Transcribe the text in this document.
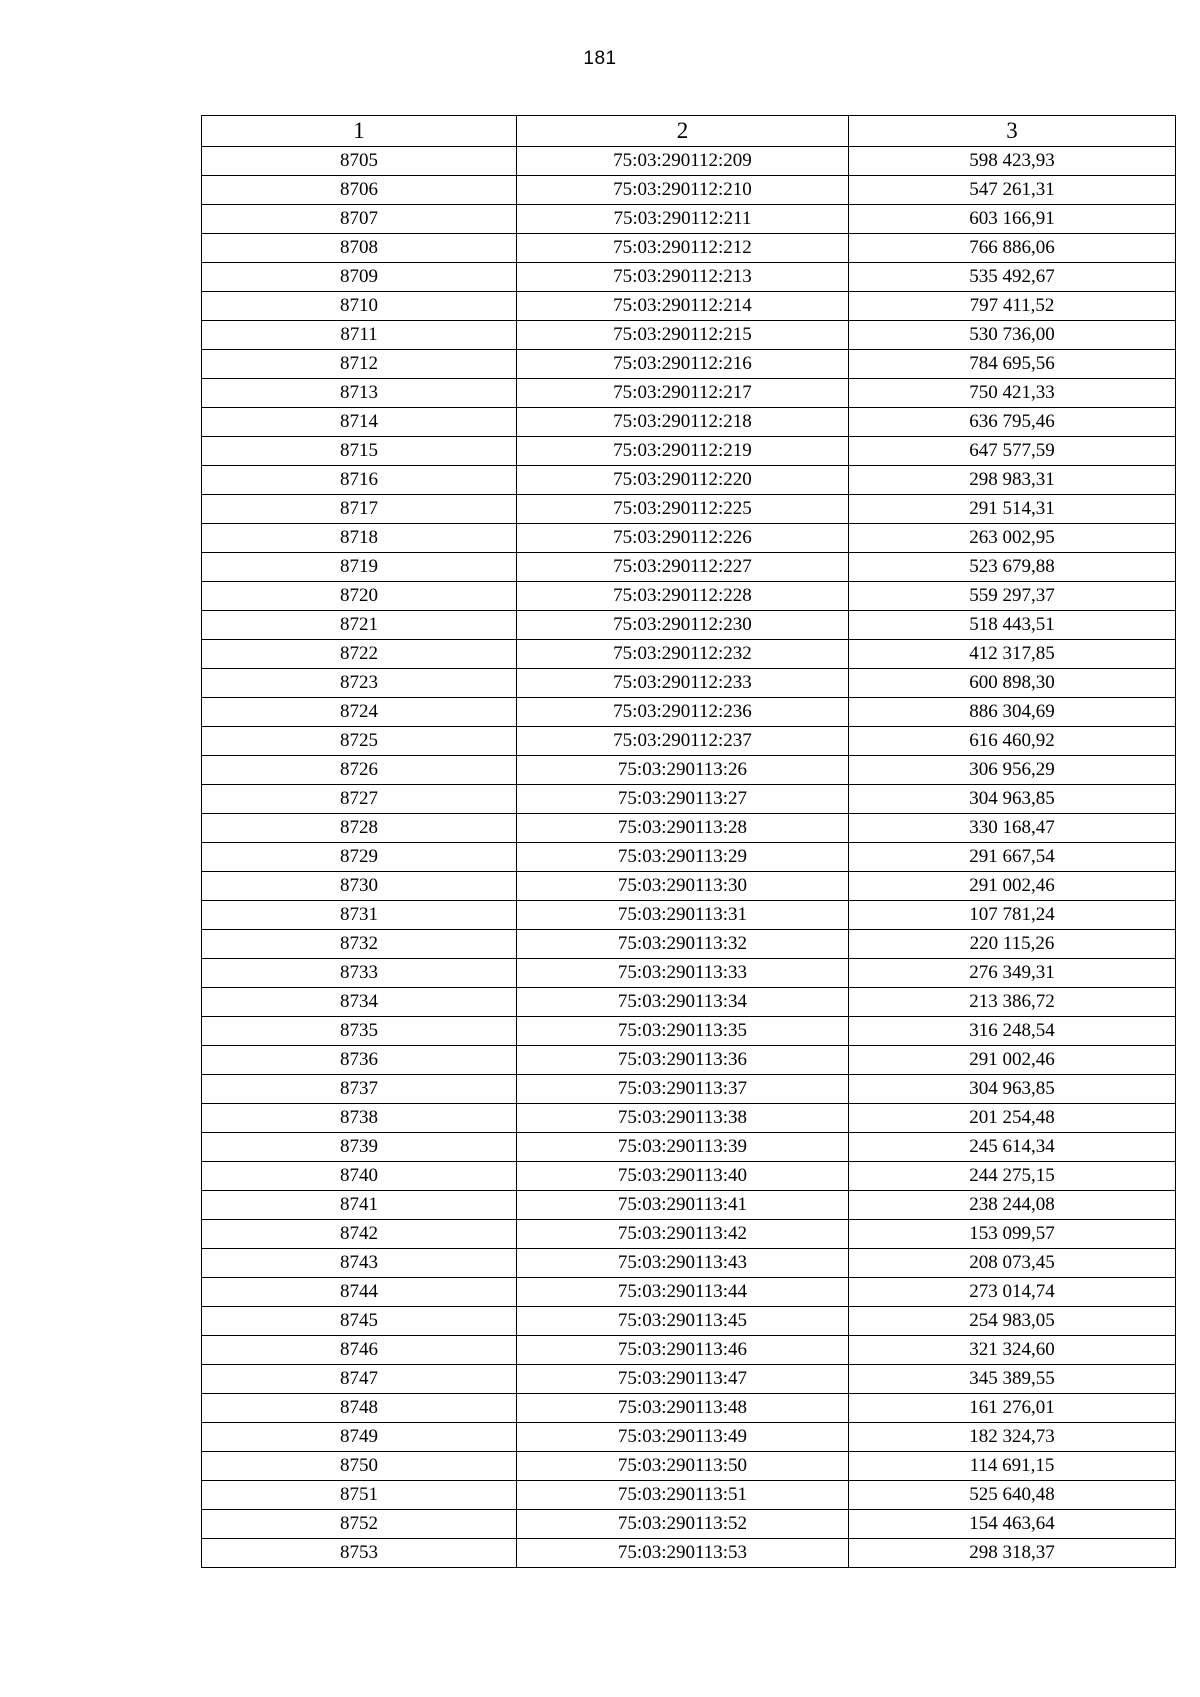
181
1	2	3
8705	75:03:290112:209	598 423,93
8706	75:03:290112:210	547 261,31
8707	75:03:290112:211	603 166,91
8708	75:03:290112:212	766 886,06
8709	75:03:290112:213	535 492,67
8710	75:03:290112:214	797 411,52
8711	75:03:290112:215	530 736,00
8712	75:03:290112:216	784 695,56
8713	75:03:290112:217	750 421,33
8714	75:03:290112:218	636 795,46
8715	75:03:290112:219	647 577,59
8716	75:03:290112:220	298 983,31
8717	75:03:290112:225	291 514,31
8718	75:03:290112:226	263 002,95
8719	75:03:290112:227	523 679,88
8720	75:03:290112:228	559 297,37
8721	75:03:290112:230	518 443,51
8722	75:03:290112:232	412 317,85
8723	75:03:290112:233	600 898,30
8724	75:03:290112:236	886 304,69
8725	75:03:290112:237	616 460,92
8726	75:03:290113:26	306 956,29
8727	75:03:290113:27	304 963,85
8728	75:03:290113:28	330 168,47
8729	75:03:290113:29	291 667,54
8730	75:03:290113:30	291 002,46
8731	75:03:290113:31	107 781,24
8732	75:03:290113:32	220 115,26
8733	75:03:290113:33	276 349,31
8734	75:03:290113:34	213 386,72
8735	75:03:290113:35	316 248,54
8736	75:03:290113:36	291 002,46
8737	75:03:290113:37	304 963,85
8738	75:03:290113:38	201 254,48
8739	75:03:290113:39	245 614,34
8740	75:03:290113:40	244 275,15
8741	75:03:290113:41	238 244,08
8742	75:03:290113:42	153 099,57
8743	75:03:290113:43	208 073,45
8744	75:03:290113:44	273 014,74
8745	75:03:290113:45	254 983,05
8746	75:03:290113:46	321 324,60
8747	75:03:290113:47	345 389,55
8748	75:03:290113:48	161 276,01
8749	75:03:290113:49	182 324,73
8750	75:03:290113:50	114 691,15
8751	75:03:290113:51	525 640,48
8752	75:03:290113:52	154 463,64
8753	75:03:290113:53	298 318,37
